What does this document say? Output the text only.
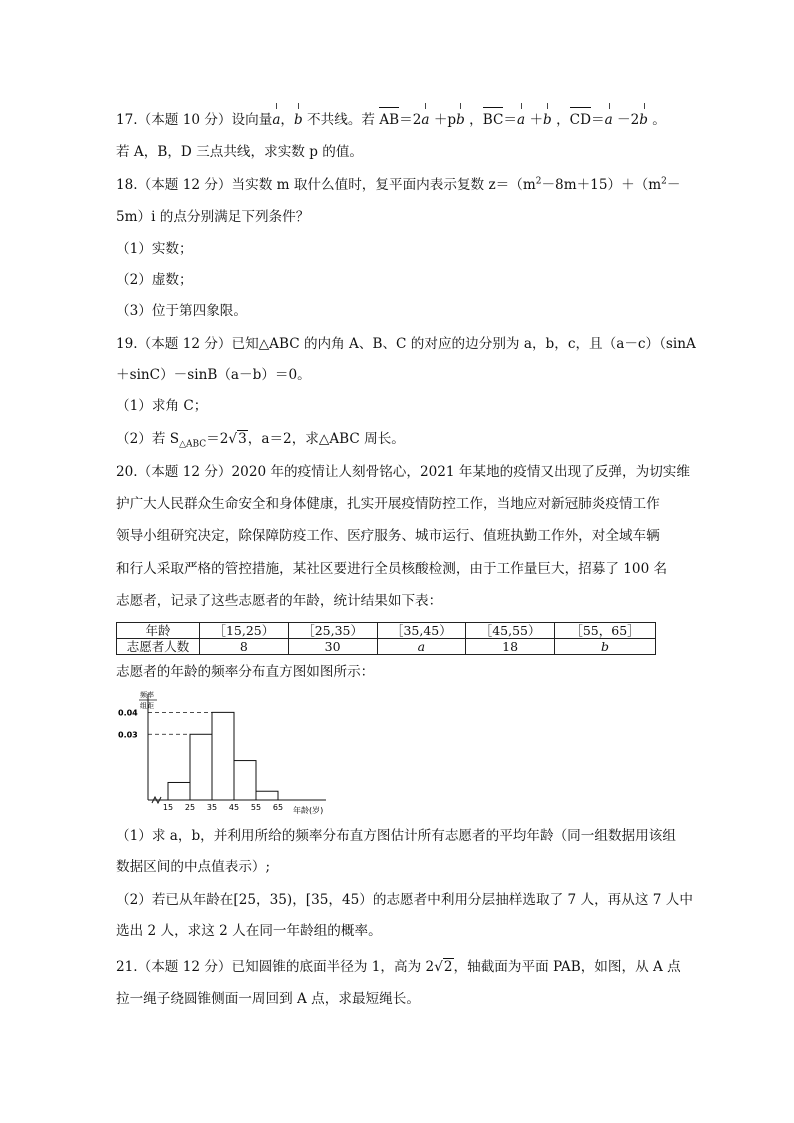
17.（本题 10 分）设向量a，b 不共线。若 AB＝2a ＋pb ，BC＝a ＋b ，CD＝a －2b 。
若 A，B，D 三点共线，求实数 p 的值。
18.（本题 12 分）当实数 m 取什么值时，复平面内表示复数 $z=(m^2-8m+15)+(m^2-$
5m）i 的点分别满足下列条件？
（1）实数；
（2）虚数；
（3）位于第四象限。
19.（本题 12 分）已知△ABC 的内角 A、B、C 的对应的边分别为 a，b，c，且（a－c）（sinA
＋sinC）－sinB（a－b）＝0。
（1）求角 C；
（2）若 $S_{\triangle ABC}=2√3$，a＝2，求△ABC 周长。
20.（本题 12 分）2020 年的疫情让人刻骨铭心，2021 年某地的疫情又出现了反弹，为切实维
护广大人民群众生命安全和身体健康，扎实开展疫情防控工作，当地应对新冠肺炎疫情工作
领导小组研究决定，除保障防疫工作、医疗服务、城市运行、值班执勤工作外，对全域车辆
和行人采取严格的管控措施，某社区要进行全员核酸检测，由于工作量巨大，招募了 100 名
志愿者，记录了这些志愿者的年龄，统计结果如下表：
年龄	［15,25）	［25,35）	［35,45）	［45,55）	［55，65］
志愿者人数	8	30	a	18	b
志愿者的年龄的频率分布直方图如图所示：
频率
组距
年龄(岁)
15 25 35 45 55 65
0.03
0.04
（1）求 a，b，并利用所给的频率分布直方图估计所有志愿者的平均年龄（同一组数据用该组
数据区间的中点值表示）;
（2）若已从年龄在[25，35)，[35，45）的志愿者中利用分层抽样选取了 7 人，再从这 7 人中
选出 2 人，求这 2 人在同一年龄组的概率。
21.（本题 12 分）已知圆锥的底面半径为 1，高为 2√2，轴截面为平面 PAB，如图，从 A 点
拉一绳子绕圆锥侧面一周回到 A 点，求最短绳长。
